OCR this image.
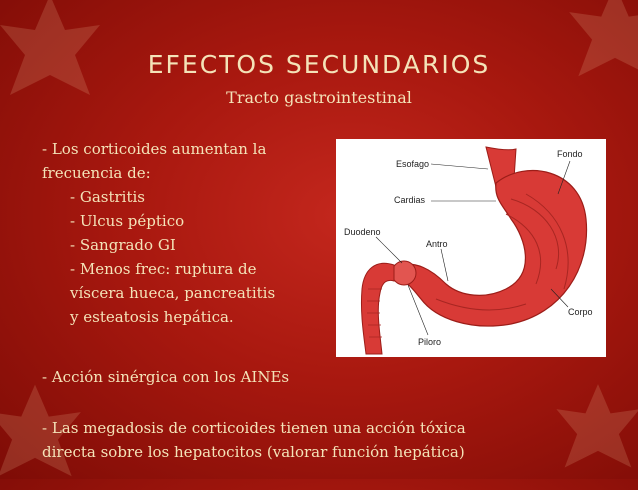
EFECTOS SECUNDARIOS
Tracto gastrointestinal
- Los corticoides aumentan la
frecuencia de:
- Gastritis
- Ulcus péptico
- Sangrado GI
- Menos frec: ruptura de
víscera hueca, pancreatitis
y esteatosis hepática.
- Acción sinérgica con los AINEs
- Las megadosis de corticoides tienen una acción tóxica
directa sobre los hepatocitos (valorar función hepática)
Esofago
Fondo
Cardias
Duodeno
Antro
Corpo
Piloro
